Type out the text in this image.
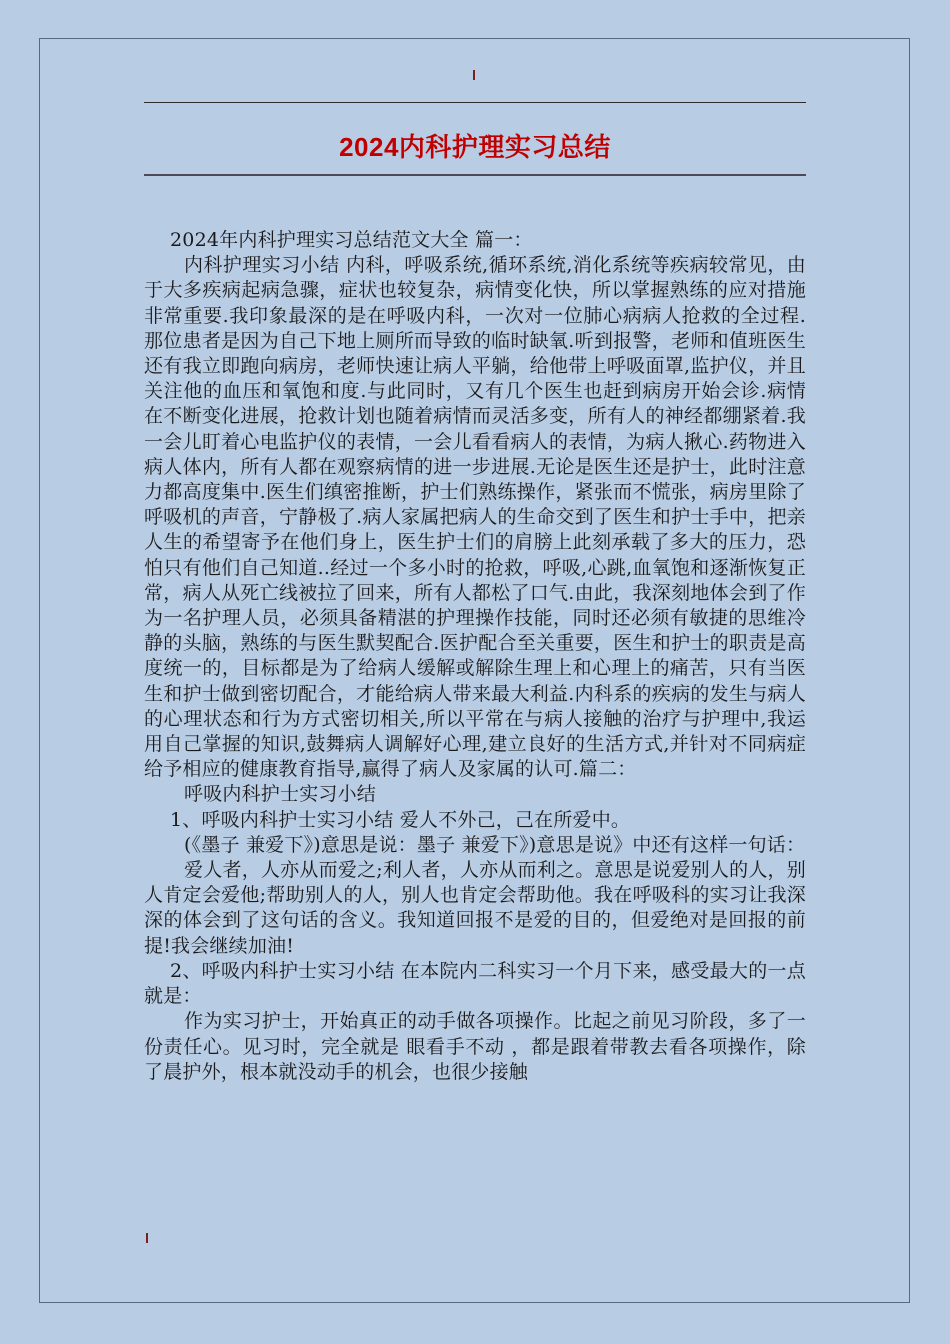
2024内科护理实习总结

2024年内科护理实习总结范文大全 篇一：

内科护理实习小结 内科，呼吸系统,循环系统,消化系统等疾病较常见，由于大多疾病起病急骤，症状也较复杂，病情变化快，所以掌握熟练的应对措施非常重要.我印象最深的是在呼吸内科，一次对一位肺心病病人抢救的全过程.那位患者是因为自己下地上厕所而导致的临时缺氧.听到报警，老师和值班医生还有我立即跑向病房，老师快速让病人平躺，给他带上呼吸面罩,监护仪，并且关注他的血压和氧饱和度.与此同时，又有几个医生也赶到病房开始会诊.病情在不断变化进展，抢救计划也随着病情而灵活多变，所有人的神经都绷紧着.我一会儿盯着心电监护仪的表情，一会儿看看病人的表情，为病人揪心.药物进入病人体内，所有人都在观察病情的进一步进展.无论是医生还是护士，此时注意力都高度集中.医生们缜密推断，护士们熟练操作，紧张而不慌张，病房里除了呼吸机的声音，宁静极了.病人家属把病人的生命交到了医生和护士手中，把亲人生的希望寄予在他们身上，医生护士们的肩膀上此刻承载了多大的压力，恐怕只有他们自己知道..经过一个多小时的抢救，呼吸,心跳,血氧饱和逐渐恢复正常，病人从死亡线被拉了回来，所有人都松了口气.由此，我深刻地体会到了作为一名护理人员，必须具备精湛的护理操作技能，同时还必须有敏捷的思维冷静的头脑，熟练的与医生默契配合.医护配合至关重要，医生和护士的职责是高度统一的，目标都是为了给病人缓解或解除生理上和心理上的痛苦，只有当医生和护士做到密切配合，才能给病人带来最大利益.内科系的疾病的发生与病人的心理状态和行为方式密切相关,所以平常在与病人接触的治疗与护理中,我运用自己掌握的知识,鼓舞病人调解好心理,建立良好的生活方式,并针对不同病症给予相应的健康教育指导,赢得了病人及家属的认可.篇二：

呼吸内科护士实习小结

1、呼吸内科护士实习小结 爱人不外己，己在所爱中。

(《墨子 兼爱下》)意思是说：墨子 兼爱下》)意思是说》中还有这样一句话：

爱人者，人亦从而爱之;利人者，人亦从而利之。意思是说爱别人的人，别人肯定会爱他;帮助别人的人，别人也肯定会帮助他。我在呼吸科的实习让我深深的体会到了这句话的含义。我知道回报不是爱的目的，但爱绝对是回报的前提!我会继续加油!

2、呼吸内科护士实习小结 在本院内二科实习一个月下来，感受最大的一点就是：

作为实习护士，开始真正的动手做各项操作。比起之前见习阶段，多了一份责任心。见习时，完全就是 眼看手不动 ，都是跟着带教去看各项操作，除了晨护外，根本就没动手的机会，也很少接触
